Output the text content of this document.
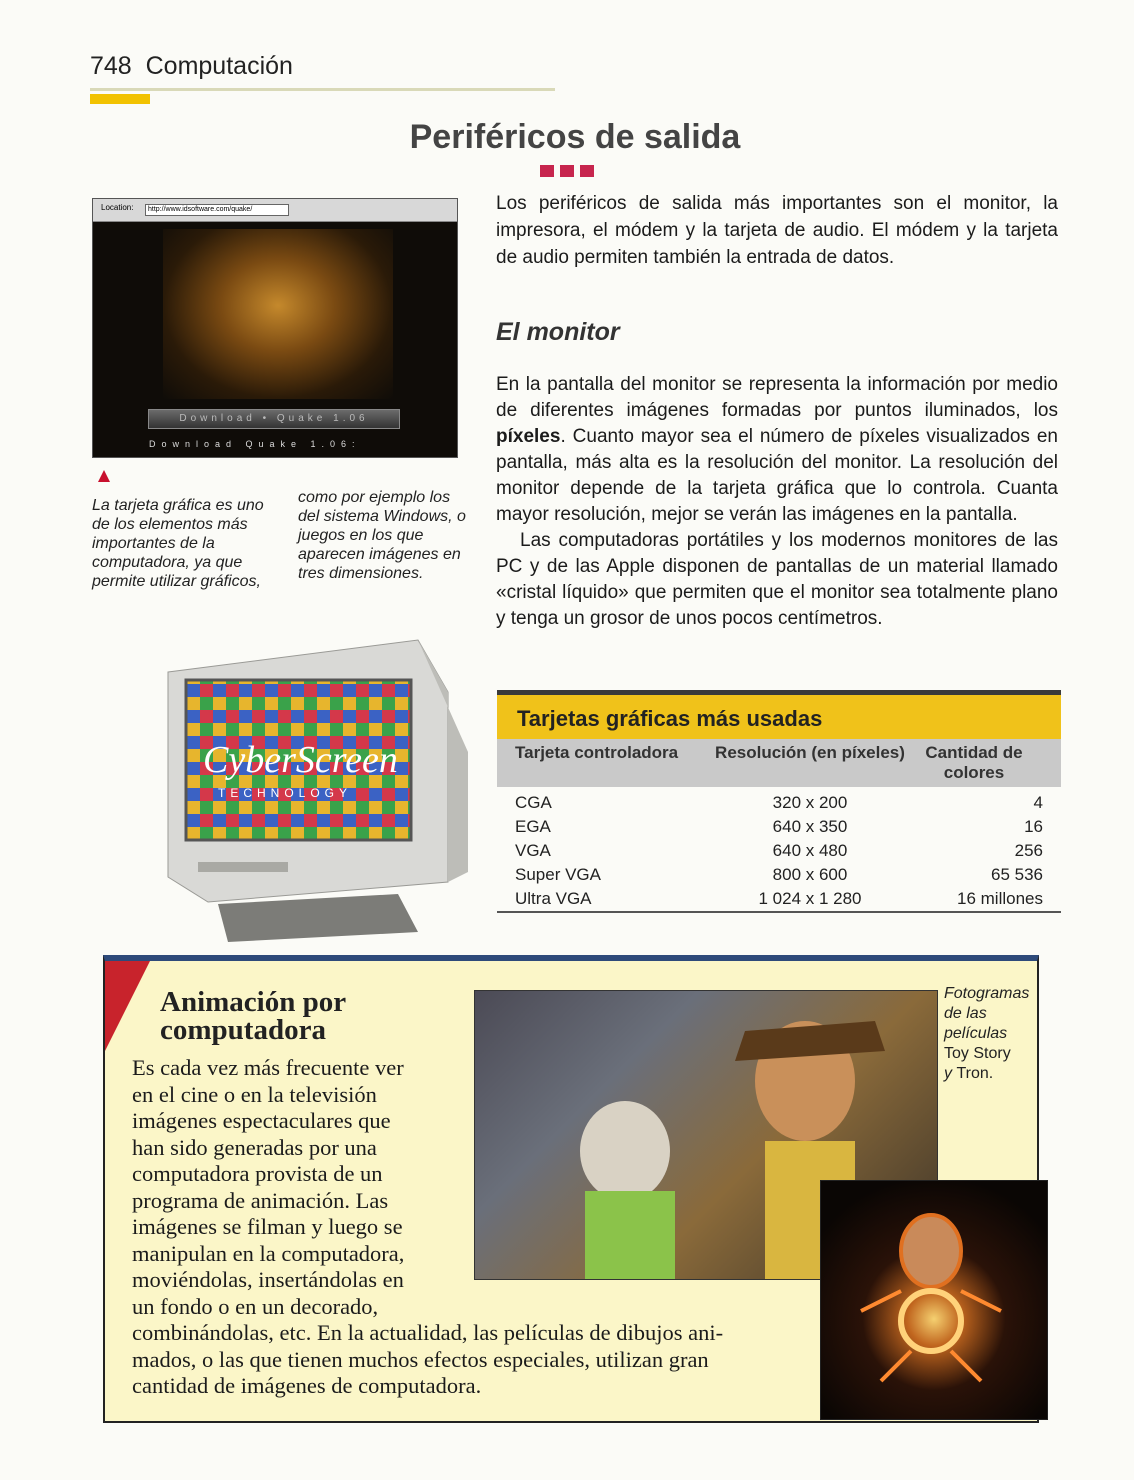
748 Computación
Periféricos de salida
Los periféricos de salida más importantes son el monitor, la impresora, el módem y la tarjeta de audio. El módem y la tarjeta de audio permiten también la entrada de datos.
El monitor

En la pantalla del monitor se representa la información por medio de diferentes imágenes formadas por puntos iluminados, los píxeles. Cuanto mayor sea el número de píxeles visualizados en pantalla, más alta es la resolución del monitor. La resolución del monitor depende de la tarjeta gráfica que lo controla. Cuanta mayor resolución, mejor se verán las imágenes en la pantalla.

Las computadoras portátiles y los modernos monitores de las PC y de las Apple disponen de pantallas de un material llamado «cristal líquido» que permiten que el monitor sea totalmente plano y tenga un grosor de unos pocos centímetros.

Location:	http://www.idsoftware.com/quake/
Download • Quake 1.06
Download Quake 1.06:
La tarjeta gráfica es uno de los elementos más importantes de la computadora, ya que permite utilizar gráficos,
como por ejemplo los del sistema Windows, o juegos en los que aparecen imágenes en tres dimensiones.
CyberScreen
TECHNOLOGY
Tarjetas gráficas más usadas
Tarjeta controladora	Resolución (en píxeles)	Cantidad de colores
CGA	320 x 200	4
EGA	640 x 350	16
VGA	640 x 480	256
Super VGA	800 x 600	65 536
Ultra VGA	1 024 x 1 280	16 millones
Animación por computadora
Fotogramas de las películas
Toy Story
y Tron.
Es cada vez más frecuente ver
en el cine o en la televisión
imágenes espectaculares que
han sido generadas por una
computadora provista de un
programa de animación. Las
imágenes se filman y luego se
manipulan en la computadora,
moviéndolas, insertándolas en
un fondo o en un decorado,
combinándolas, etc. En la actualidad, las películas de dibujos ani-
mados, o las que tienen muchos efectos especiales, utilizan gran
cantidad de imágenes de computadora.
